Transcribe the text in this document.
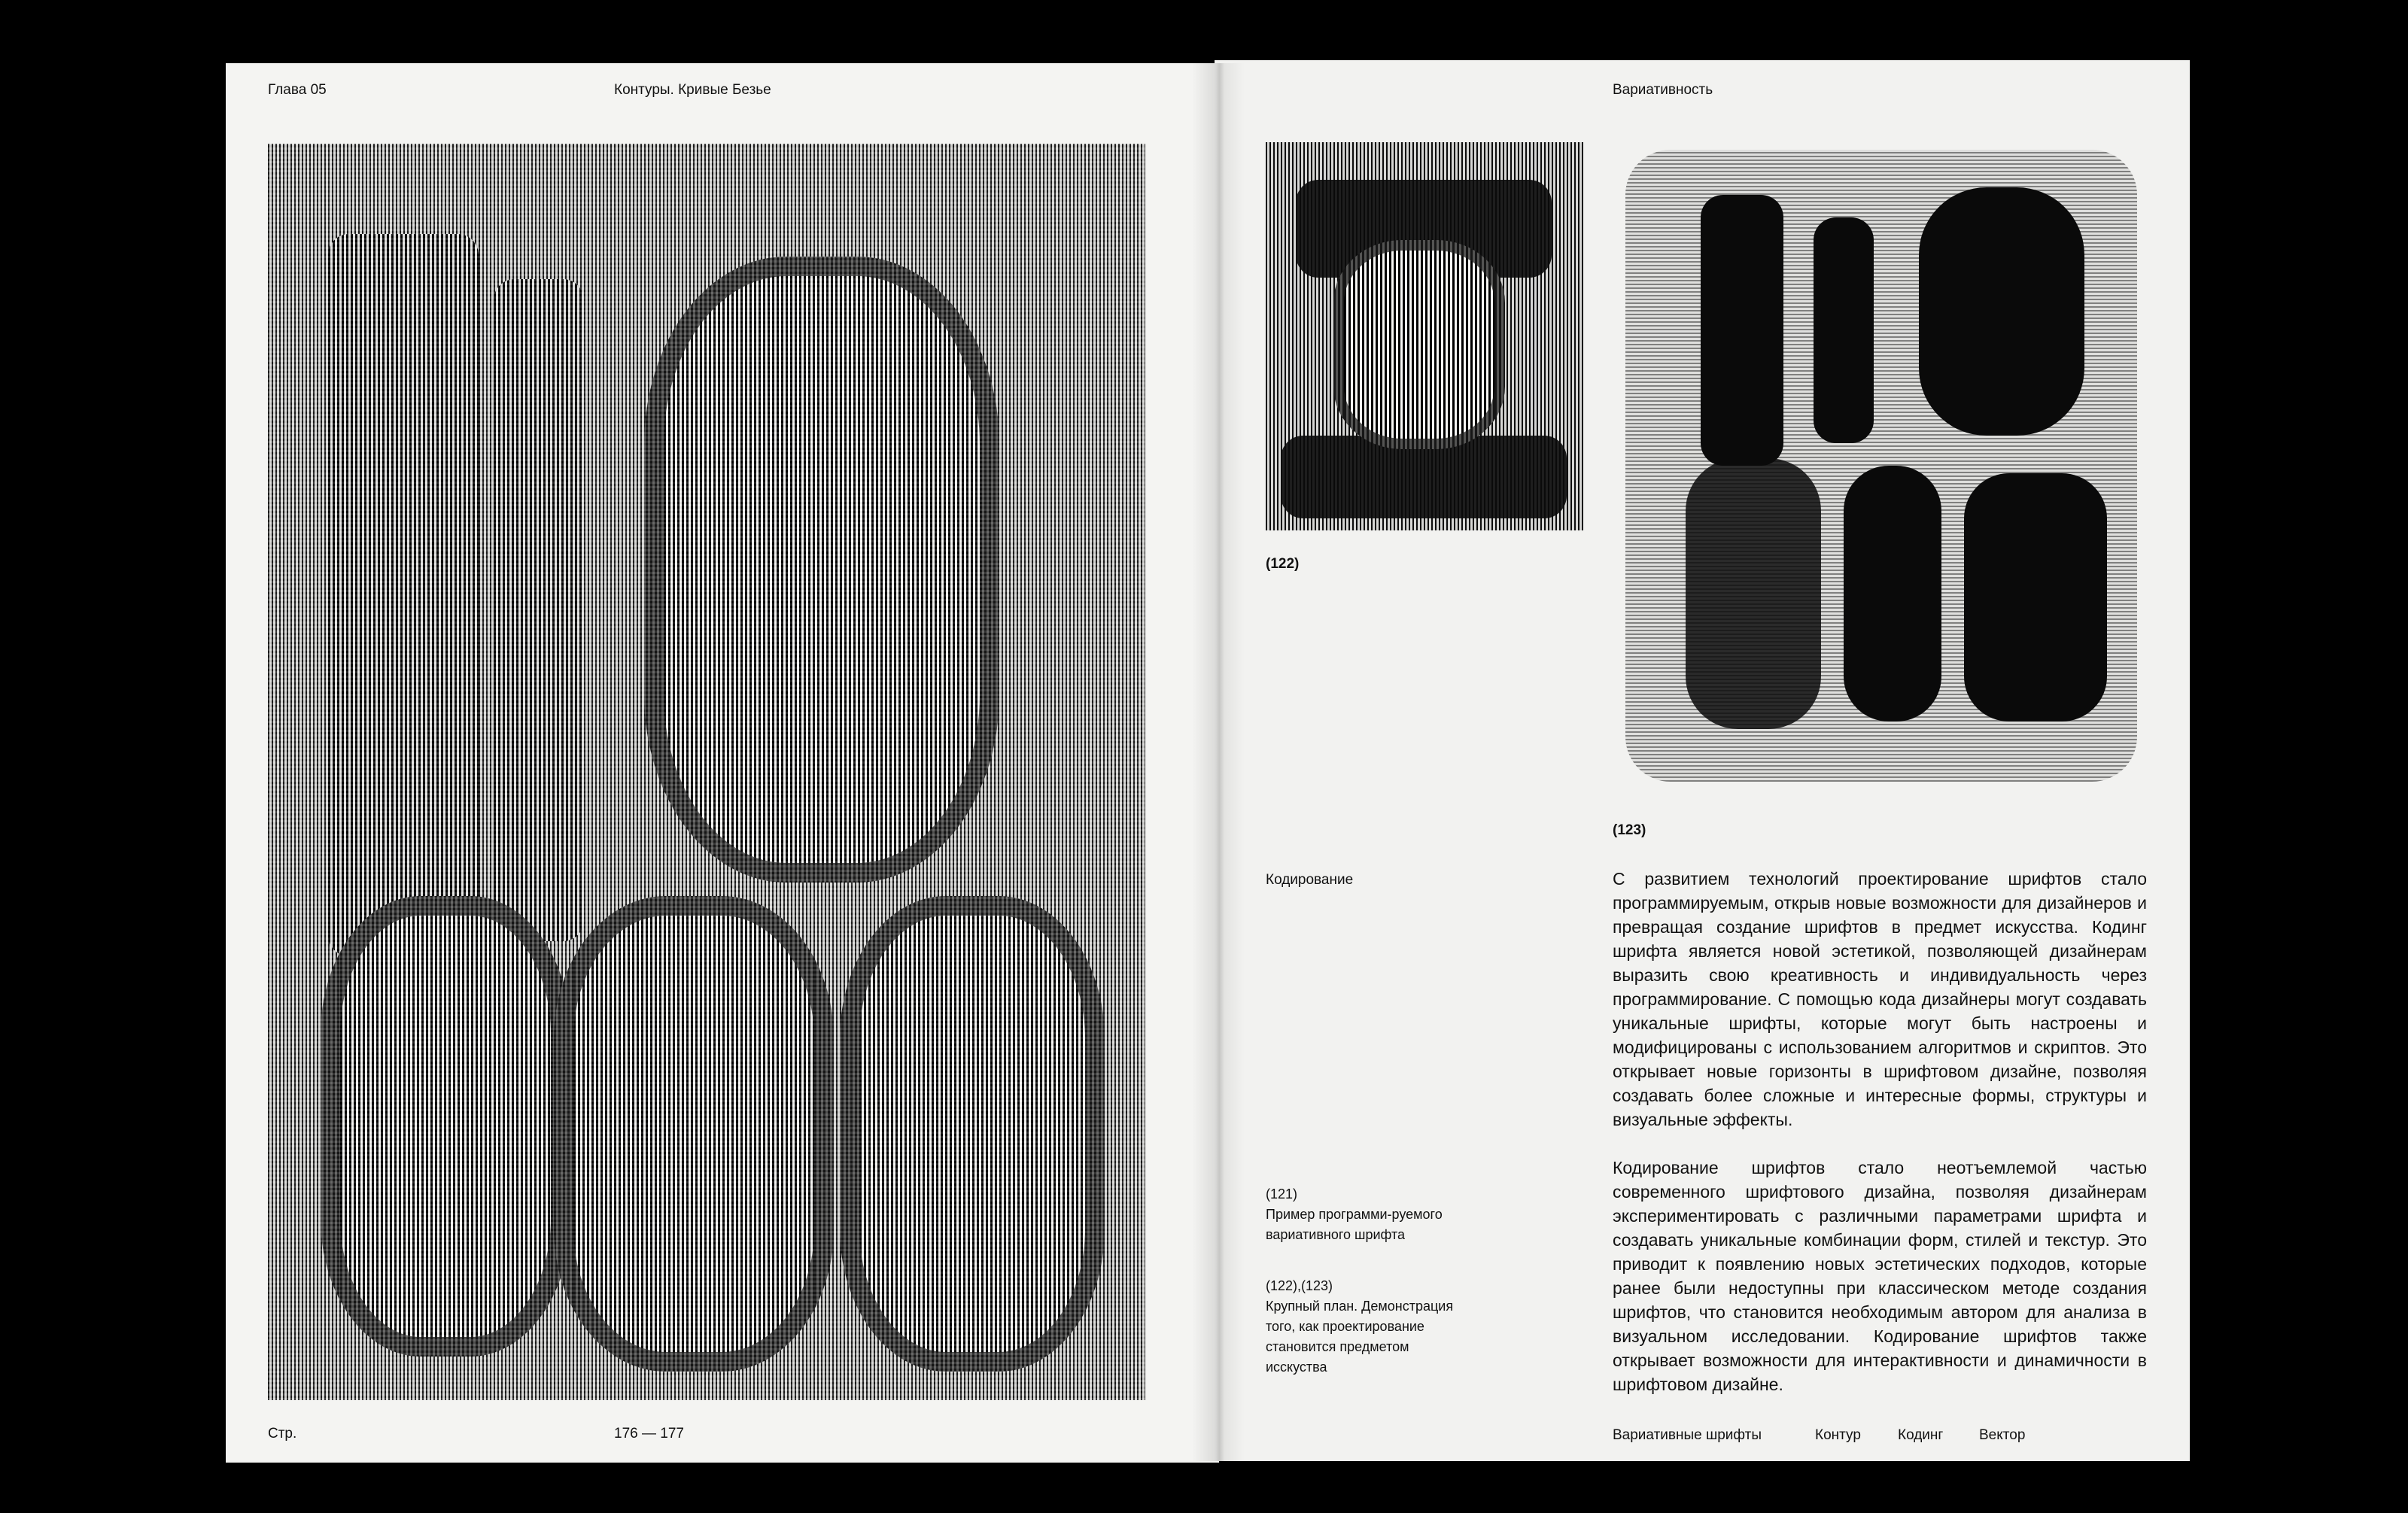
Глава 05	Контуры. Кривые Безье
Стр.	176 — 177
Вариативность
(122)
(123)
Кодирование
(121)
Пример программи-руемого вариативного шрифта
(122),(123)
Крупный план. Демонстрация того, как проектирование становится предметом исскуства

С развитием технологий проектирование шрифтов стало программируемым, открыв новые возможности для дизайнеров и превращая создание шрифтов в предмет искусства. Кодинг шрифта является новой эстетикой, позволяющей дизайнерам выразить свою креативность и индивидуальность через программирование. С помощью кода дизайнеры могут создавать уникальные шрифты, которые могут быть настроены и модифицированы с использованием алгоритмов и скриптов. Это открывает новые горизонты в шрифтовом дизайне, позволяя создавать более сложные и интересные формы, структуры и визуальные эффекты.

Кодирование шрифтов стало неотъемлемой частью современного шрифтового дизайна, позволяя дизайнерам экспериментировать с различными параметрами шрифта и создавать уникальные комбинации форм, стилей и текстур. Это приводит к появлению новых эстетических подходов, которые ранее были недоступны при классическом методе создания шрифтов, что становится необходимым автором для анализа в визуальном исследовании. Кодирование шрифтов также открывает возможности для интерактивности и динамичности в шрифтовом дизайне.

Вариативные шрифты	Контур	Кодинг	Вектор
